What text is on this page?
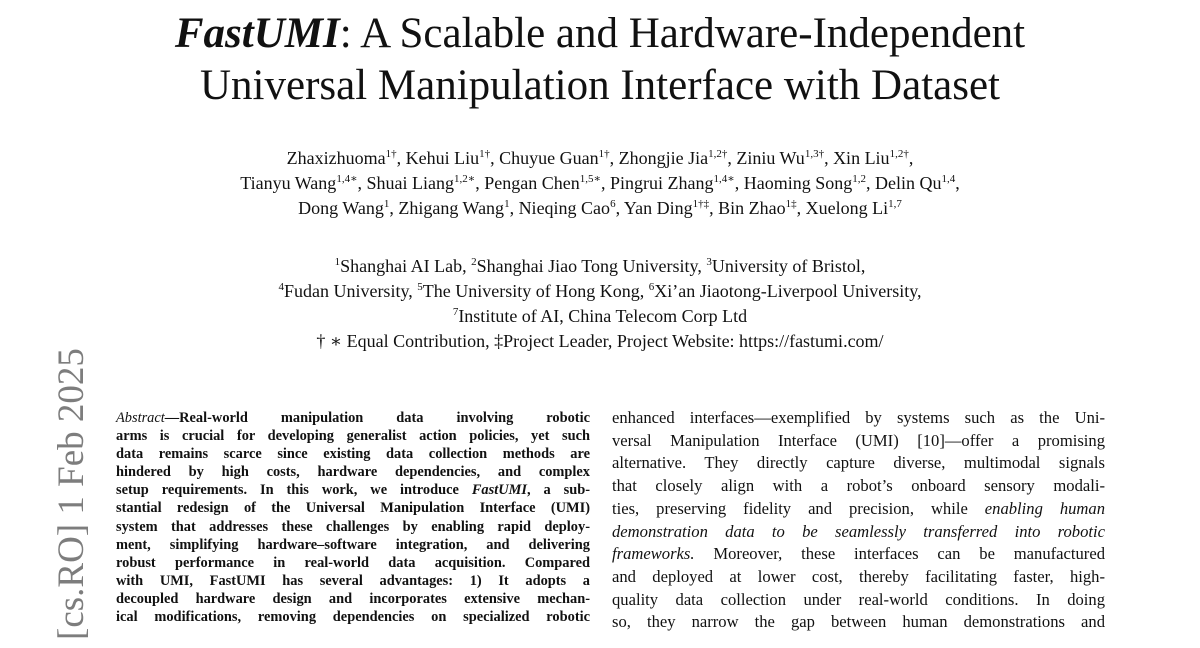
FastUMI: A Scalable and Hardware-Independent
Universal Manipulation Interface with Dataset
Zhaxizhuoma$^{1\dagger}$, Kehui Liu$^{1\dagger}$, Chuyue Guan$^{1\dagger}$, Zhongjie Jia$^{1,2\dagger}$, Ziniu $Wu^{1,3\dagger}$, Xin Liu$^{1,2\dagger}$,
Tianyu Wang$^{1,4∗}$, Shuai Liang$^{1,2∗}$, Pengan Chen$^{1,5∗}$, Pingrui Zhang$^{1,4∗}$, Haoming Song$^{1,2}$, Delin Qu$^{1,4}$,
Dong Wang$^1$, Zhigang Wang$^1$, Nieqing Cao$^6$, Yan Ding$^{1\dagger\ddagger}$, Bin Zhao$^{1\ddagger}$, Xuelong Li$^{1,7}$
$^1$Shanghai AI Lab, $^2$Shanghai Jiao Tong University, $^3$University of Bristol,
$^4$Fudan University, $^5$The University of Hong Kong, $^6$Xi’an Jiaotong-Liverpool University,
$^7$Institute of AI, China Telecom Corp Ltd
† ∗ Equal Contribution, ‡Project Leader, Project Website: https://fastumi.com/
[cs.RO] 1 Feb 2025 Abstract—Real-world manipulation data involving robotic
arms is crucial for developing generalist action policies, yet such
data remains scarce since existing data collection methods are
hindered by high costs, hardware dependencies, and complex
setup requirements. In this work, we introduce FastUMI, a sub-
stantial redesign of the Universal Manipulation Interface (UMI)
system that addresses these challenges by enabling rapid deploy-
ment, simplifying hardware–software integration, and delivering
robust performance in real-world data acquisition. Compared
with UMI, FastUMI has several advantages: 1) It adopts a
decoupled hardware design and incorporates extensive mechan-
ical modifications, removing dependencies on specialized robotic
enhanced interfaces—exemplified by systems such as the Uni-
versal Manipulation Interface (UMI) [10]—offer a promising
alternative. They directly capture diverse, multimodal signals
that closely align with a robot’s onboard sensory modali-
ties, preserving fidelity and precision, while enabling human
demonstration data to be seamlessly transferred into robotic
frameworks. Moreover, these interfaces can be manufactured
and deployed at lower cost, thereby facilitating faster, high-
quality data collection under real-world conditions. In doing
so, they narrow the gap between human demonstrations and
